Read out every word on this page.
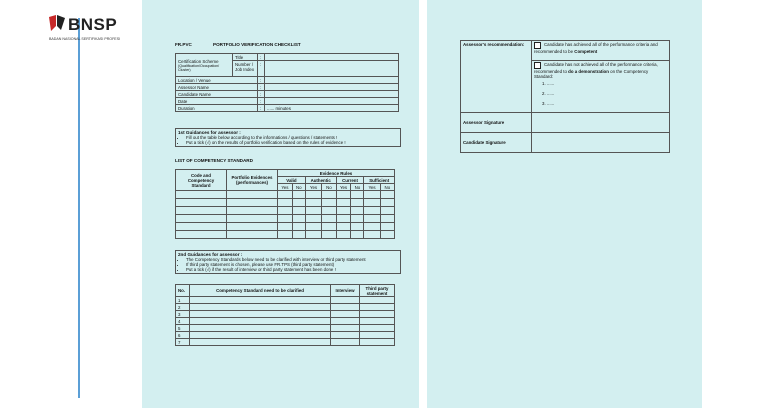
BNSP
BADAN NASIONAL SERTIFIKASI PROFESI
FR.PVC	PORTFOLIO VERIFICATION CHECKLIST
Certification Scheme
(Qualification/Occupation/ Cluster)	Title	:	
	Number / Job Index	:	
Location / Venue		:	
Assessor Name		:	
Candidate Name		:	
Date		:	
Duration		:	...... minutes
1st Guidances for assessor :
• Fill out the table below according to the informations / questions / statements !
• Put a tick (√) on the results of portfolio verification based on the rules of evidence !
LIST OF COMPETENCY STANDARD
Code and Competency Standard	Portfolio Evidences (performances)	Evidence Rules							
		Valid		Authentic		Current		Sufficient	
		Yes	No	Yes	No	Yes	No	Yes	No

2nd Guidances for assessor :
• The Competency Standards below need to be clarified with interview or third party statement
• If third party statement is chosen, please use FR.TPS (third party statement)
• Put a tick (√) if the result of interview or third party statement has been done !
No.	Competency Standard need to be clarified	Interview	Third party statement
1			
2			
3			
4			
5			
6			
7			
Assessor's recommendation:	Candidate has achieved all of the performance criteria and recommended to be Competent
	Candidate has not achieved all of the performance criteria, recommended to do a demonstration on the Competency Standard:
1. ......
2. ......
3. ......

Assessor Signature	
Candidate Signature	
